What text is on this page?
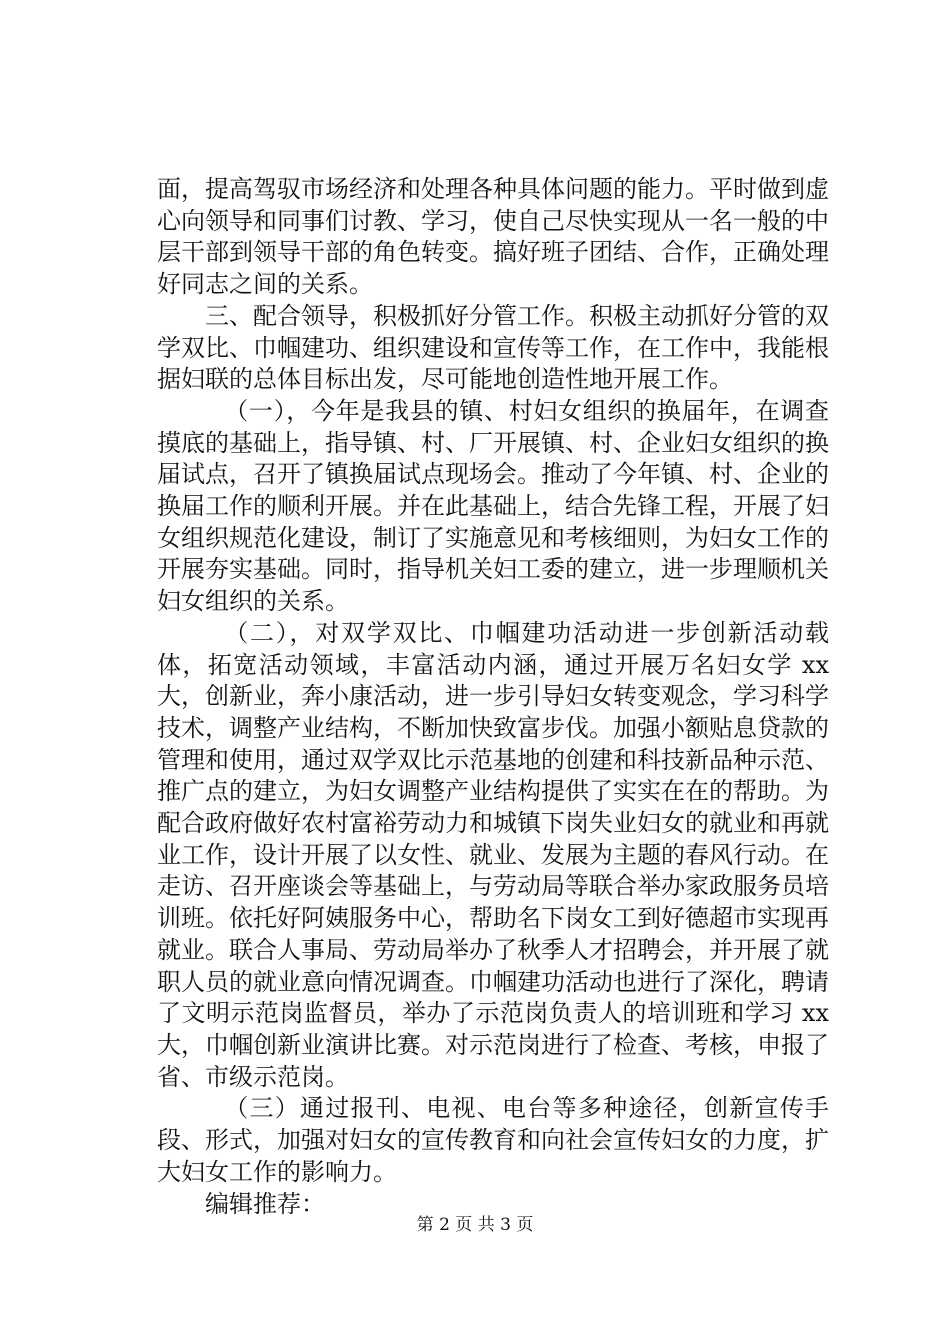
面，提高驾驭市场经济和处理各种具体问题的能力。平时做到虚心向领导和同事们讨教、学习，使自己尽快实现从一名一般的中层干部到领导干部的角色转变。搞好班子团结、合作，正确处理好同志之间的关系。

三、配合领导，积极抓好分管工作。积极主动抓好分管的双学双比、巾帼建功、组织建设和宣传等工作，在工作中，我能根据妇联的总体目标出发，尽可能地创造性地开展工作。

（一），今年是我县的镇、村妇女组织的换届年，在调查摸底的基础上，指导镇、村、厂开展镇、村、企业妇女组织的换届试点，召开了镇换届试点现场会。推动了今年镇、村、企业的换届工作的顺利开展。并在此基础上，结合先锋工程，开展了妇女组织规范化建设，制订了实施意见和考核细则，为妇女工作的开展夯实基础。同时，指导机关妇工委的建立，进一步理顺机关妇女组织的关系。

（二），对双学双比、巾帼建功活动进一步创新活动载体，拓宽活动领域，丰富活动内涵，通过开展万名妇女学 xx 大，创新业，奔小康活动，进一步引导妇女转变观念，学习科学技术，调整产业结构，不断加快致富步伐。加强小额贴息贷款的管理和使用，通过双学双比示范基地的创建和科技新品种示范、推广点的建立，为妇女调整产业结构提供了实实在在的帮助。为配合政府做好农村富裕劳动力和城镇下岗失业妇女的就业和再就业工作，设计开展了以女性、就业、发展为主题的春风行动。在走访、召开座谈会等基础上，与劳动局等联合举办家政服务员培训班。依托好阿姨服务中心，帮助名下岗女工到好德超市实现再就业。联合人事局、劳动局举办了秋季人才招聘会，并开展了就职人员的就业意向情况调查。巾帼建功活动也进行了深化，聘请了文明示范岗监督员，举办了示范岗负责人的培训班和学习 xx 大，巾帼创新业演讲比赛。对示范岗进行了检查、考核，申报了省、市级示范岗。

（三）通过报刊、电视、电台等多种途径，创新宣传手段、形式，加强对妇女的宣传教育和向社会宣传妇女的力度，扩大妇女工作的影响力。

编辑推荐：

第 2 页 共 3 页
